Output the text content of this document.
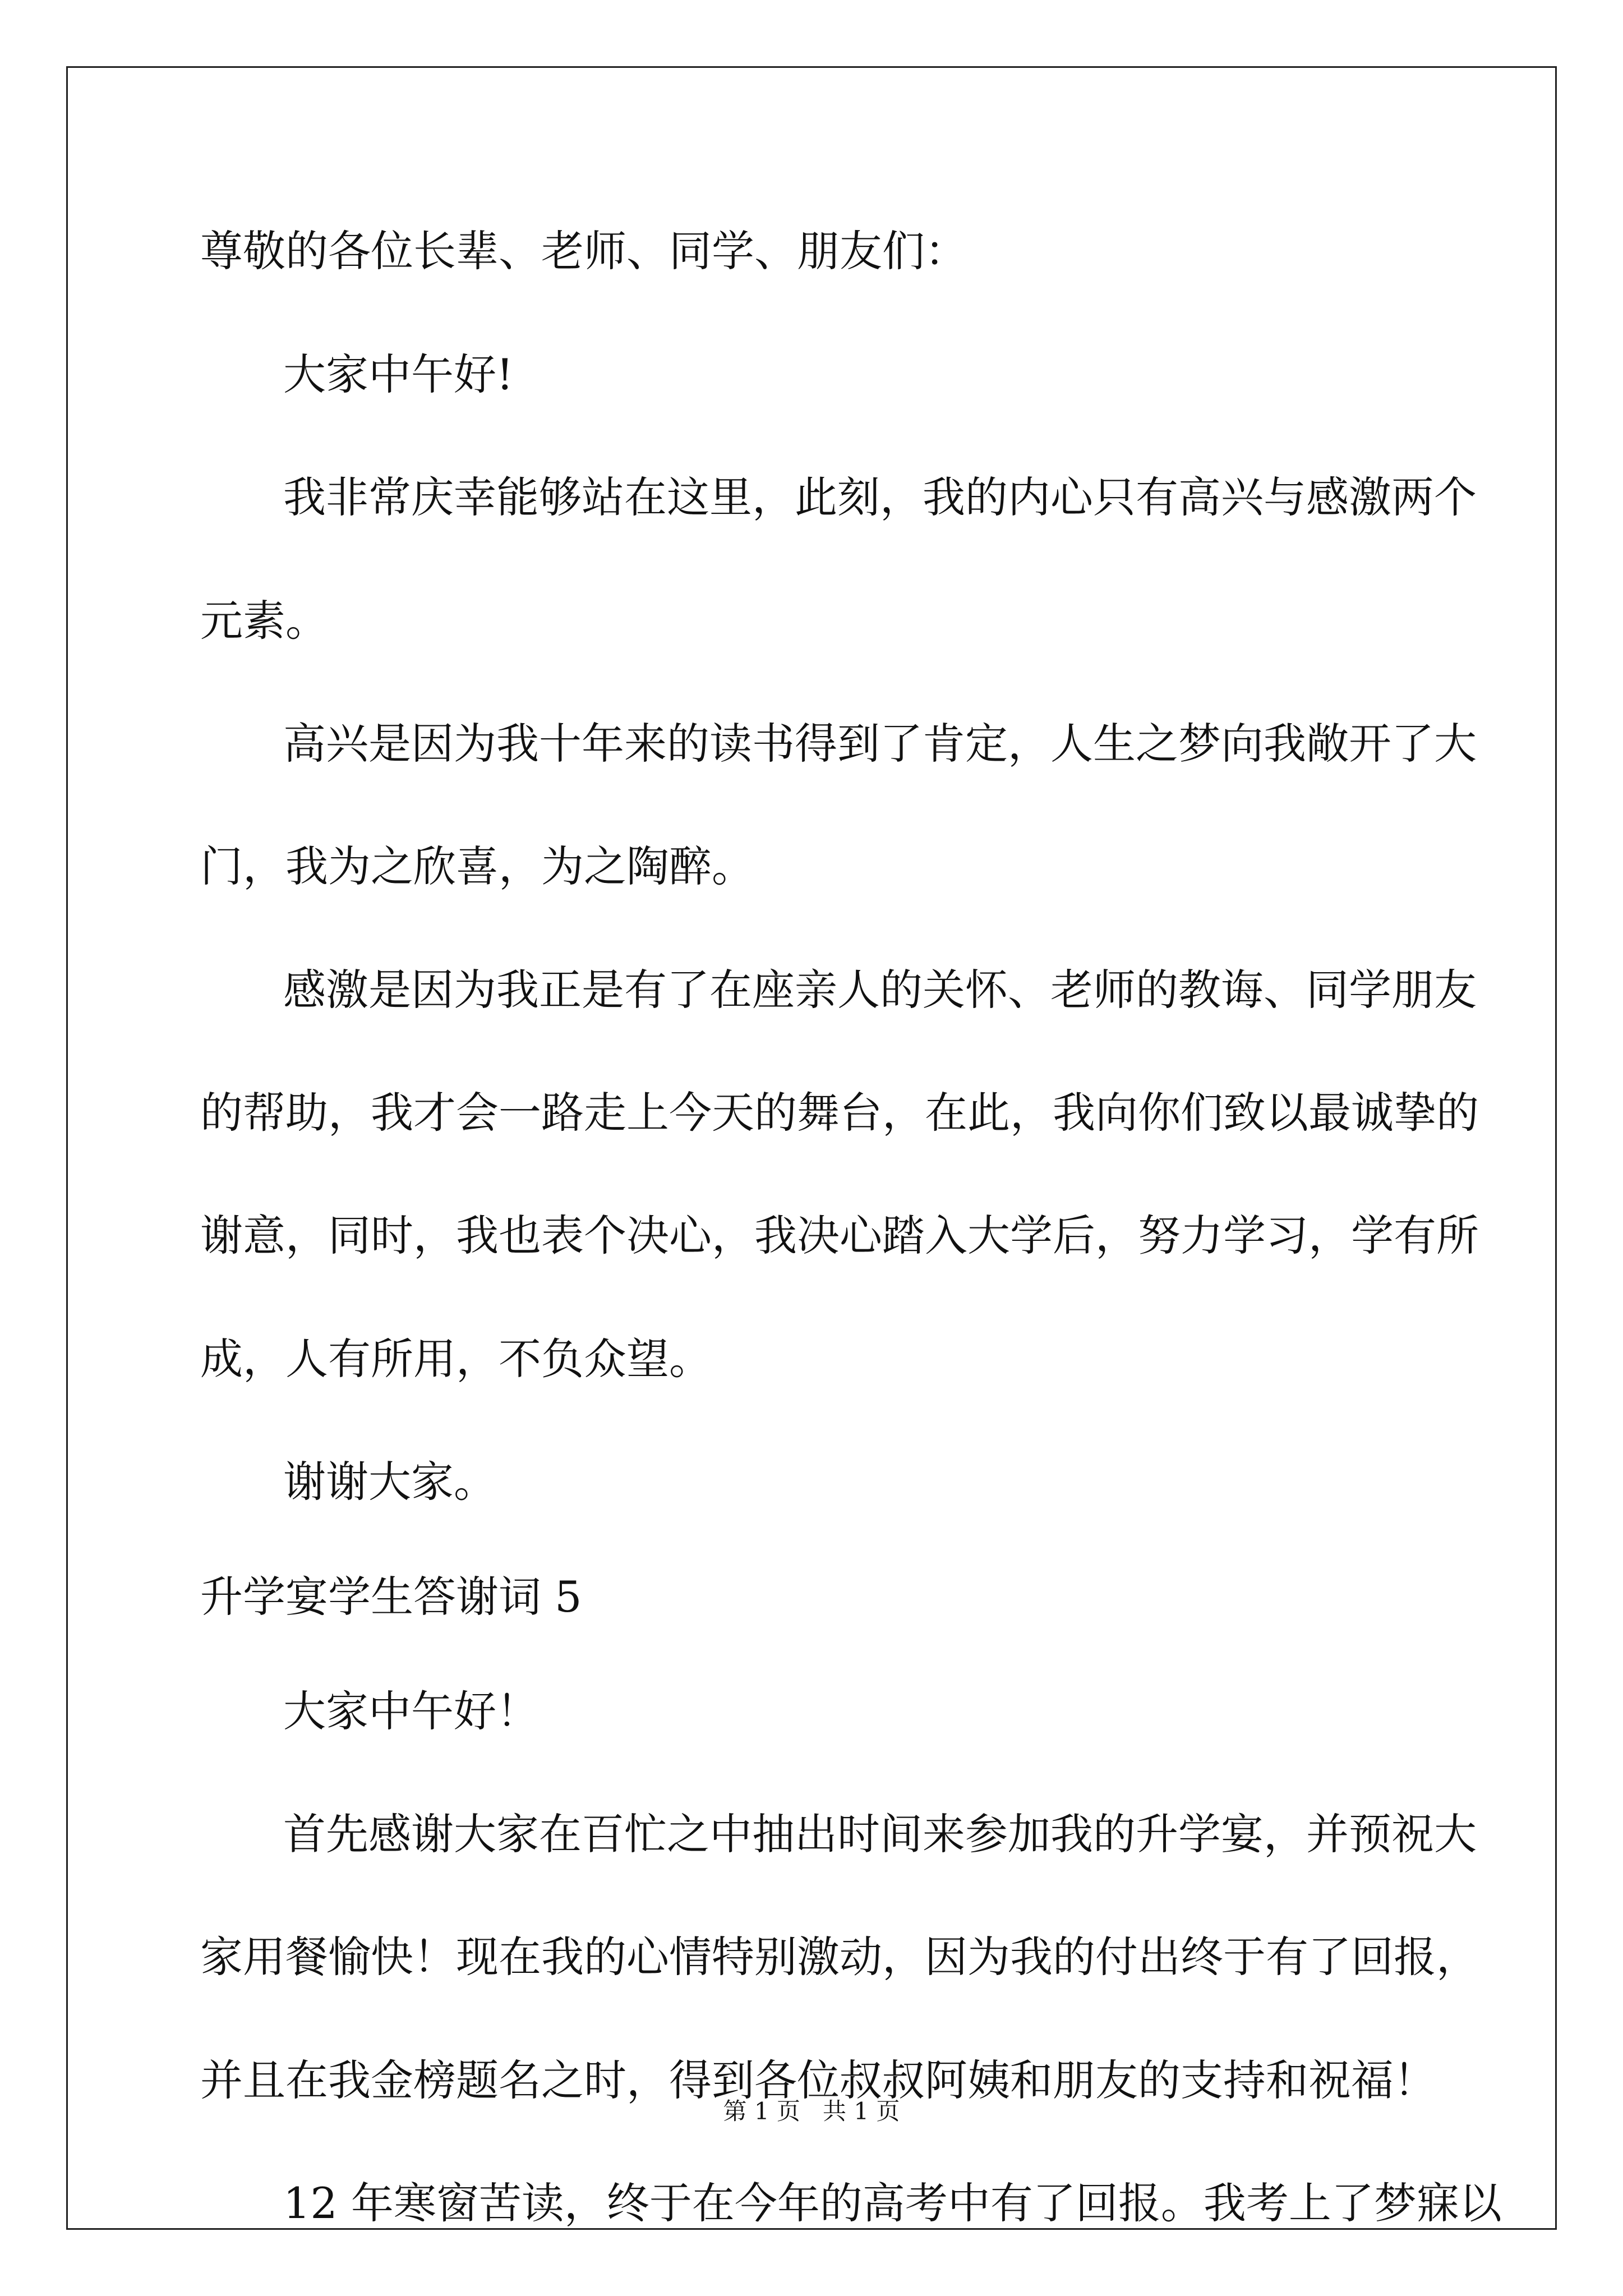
尊敬的各位长辈、老师、同学、朋友们：
大家中午好!
我非常庆幸能够站在这里，此刻，我的内心只有高兴与感激两个
元素。
高兴是因为我十年来的读书得到了肯定，人生之梦向我敞开了大
门，我为之欣喜，为之陶醉。
感激是因为我正是有了在座亲人的关怀、老师的教诲、同学朋友
的帮助，我才会一路走上今天的舞台，在此，我向你们致以最诚挚的
谢意，同时，我也表个决心，我决心踏入大学后，努力学习，学有所
成，人有所用，不负众望。
谢谢大家。
升学宴学生答谢词 5
大家中午好！
首先感谢大家在百忙之中抽出时间来参加我的升学宴，并预祝大
家用餐愉快！现在我的心情特别激动，因为我的付出终于有了回报，
并且在我金榜题名之时，得到各位叔叔阿姨和朋友的支持和祝福！
12 年寒窗苦读，终于在今年的高考中有了回报。我考上了梦寐以
第 1 页   共 1 页
